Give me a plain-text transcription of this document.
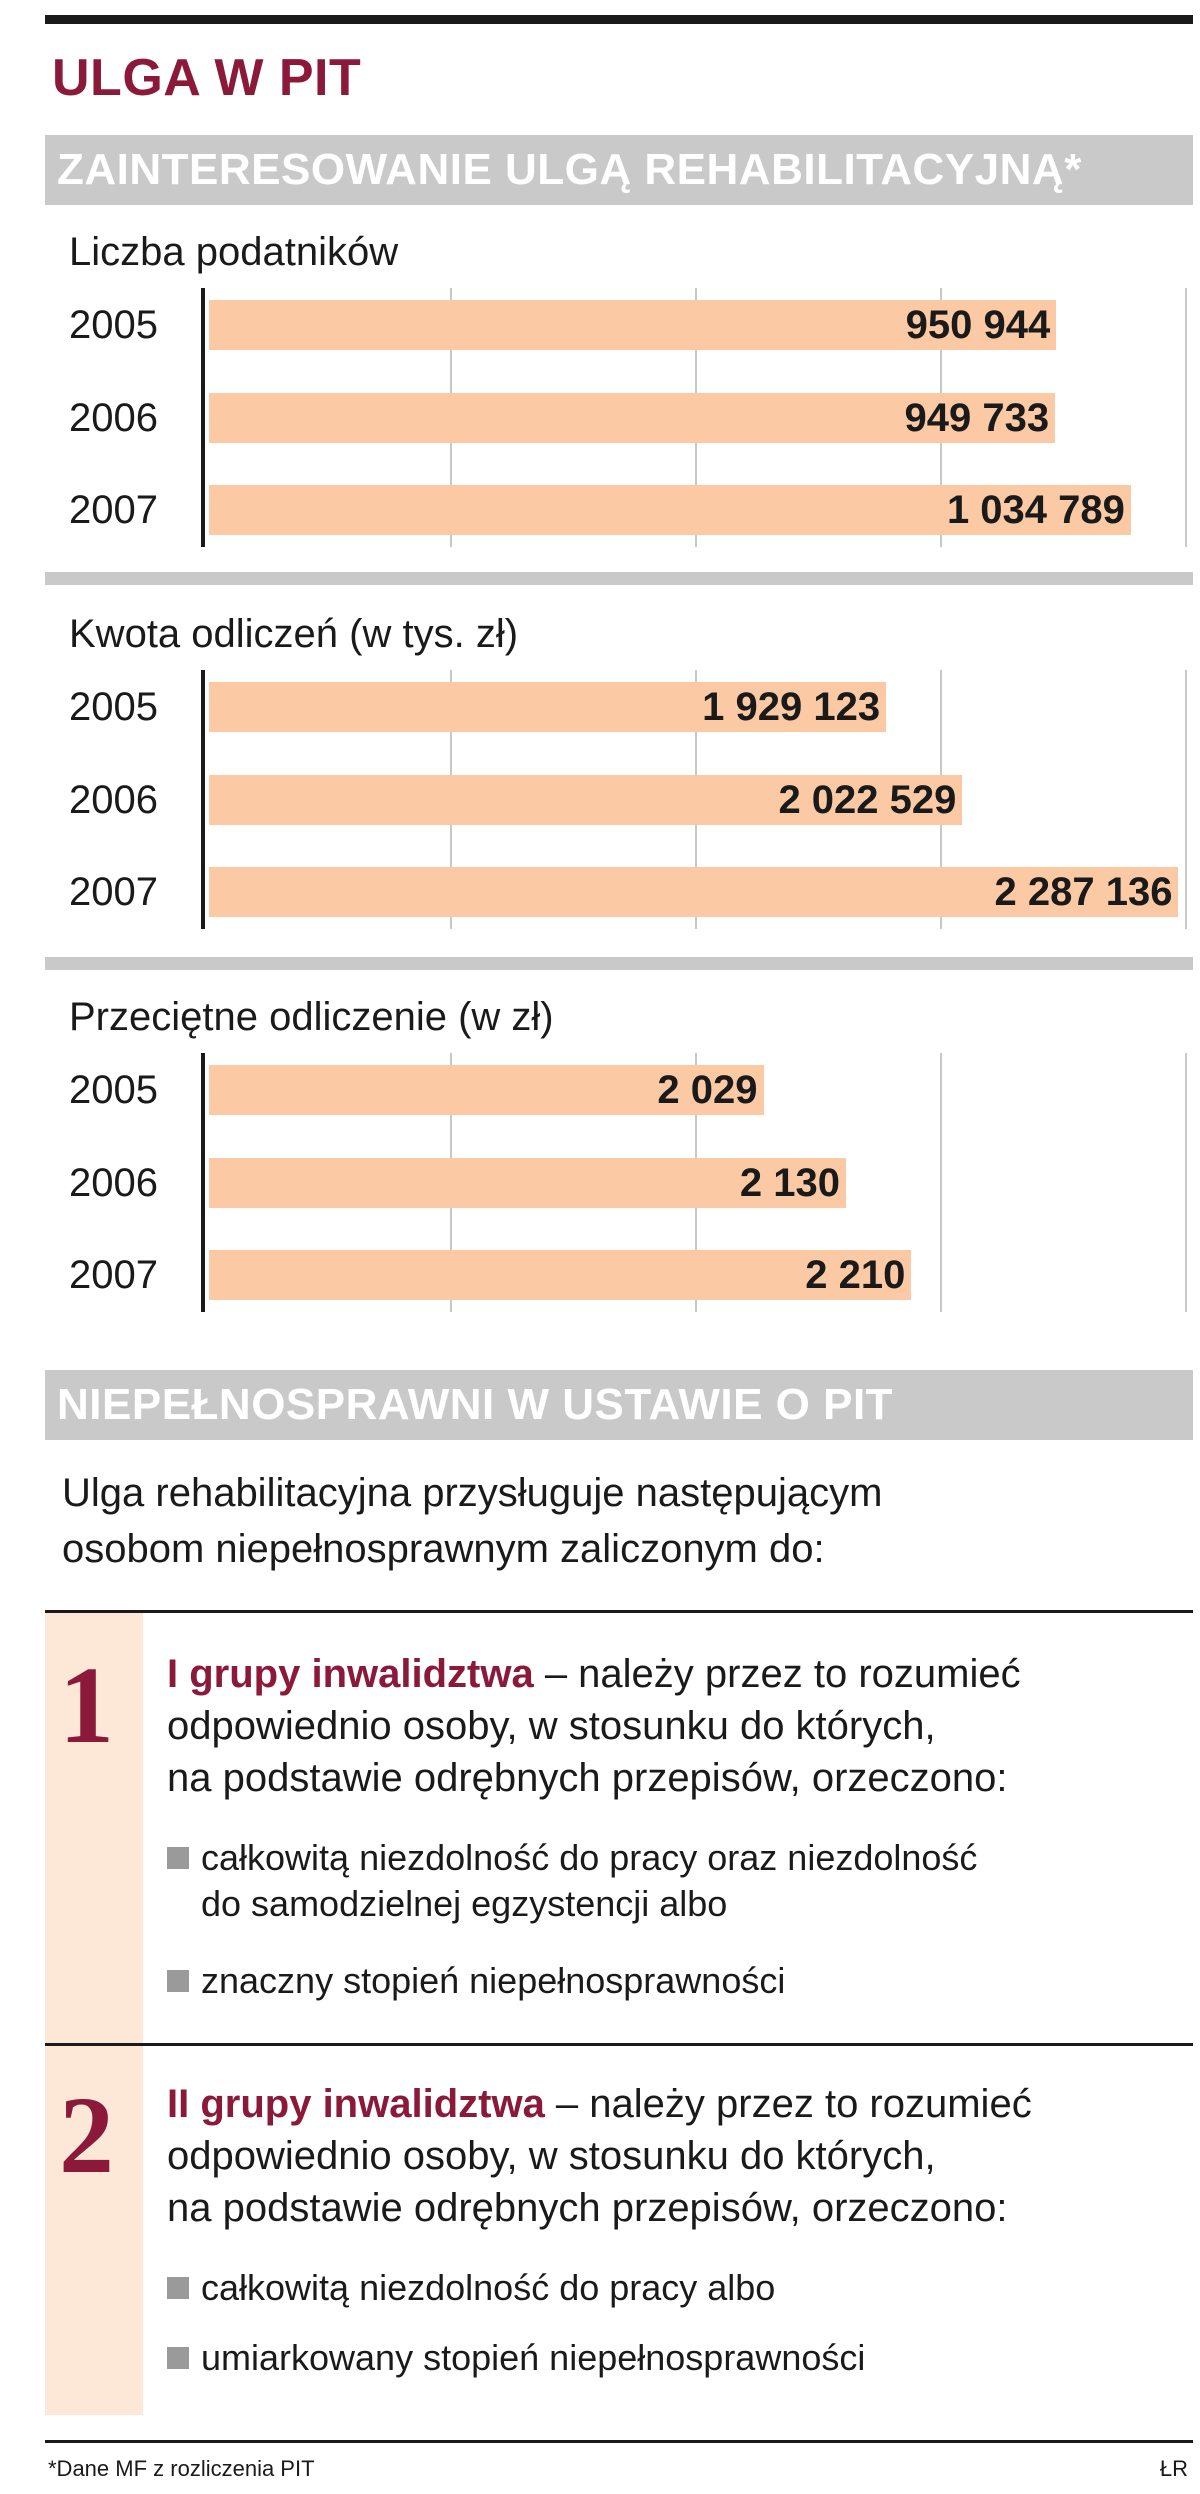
ULGA W PIT
ZAINTERESOWANIE ULGĄ REHABILITACYJNĄ*
Liczba podatników
2005	950 944
2006	949 733
2007	1 034 789
Kwota odliczeń (w tys. zł)
2005	1 929 123
2006	2 022 529
2007	2 287 136
Przeciętne odliczenie (w zł)
2005	2 029
2006	2 130
2007	2 210
NIEPEŁNOSPRAWNI W USTAWIE O PIT
Ulga rehabilitacyjna przysługuje następującym
osobom niepełnosprawnym zaliczonym do:
1 I grupy inwalidztwa – należy przez to rozumieć
odpowiednio osoby, w stosunku do których,
na podstawie odrębnych przepisów, orzeczono:
całkowitą niezdolność do pracy oraz niezdolność
do samodzielnej egzystencji albo
znaczny stopień niepełnosprawności
2 II grupy inwalidztwa – należy przez to rozumieć
odpowiednio osoby, w stosunku do których,
na podstawie odrębnych przepisów, orzeczono:
całkowitą niezdolność do pracy albo
umiarkowany stopień niepełnosprawności
*Dane MF z rozliczenia PIT	ŁR
